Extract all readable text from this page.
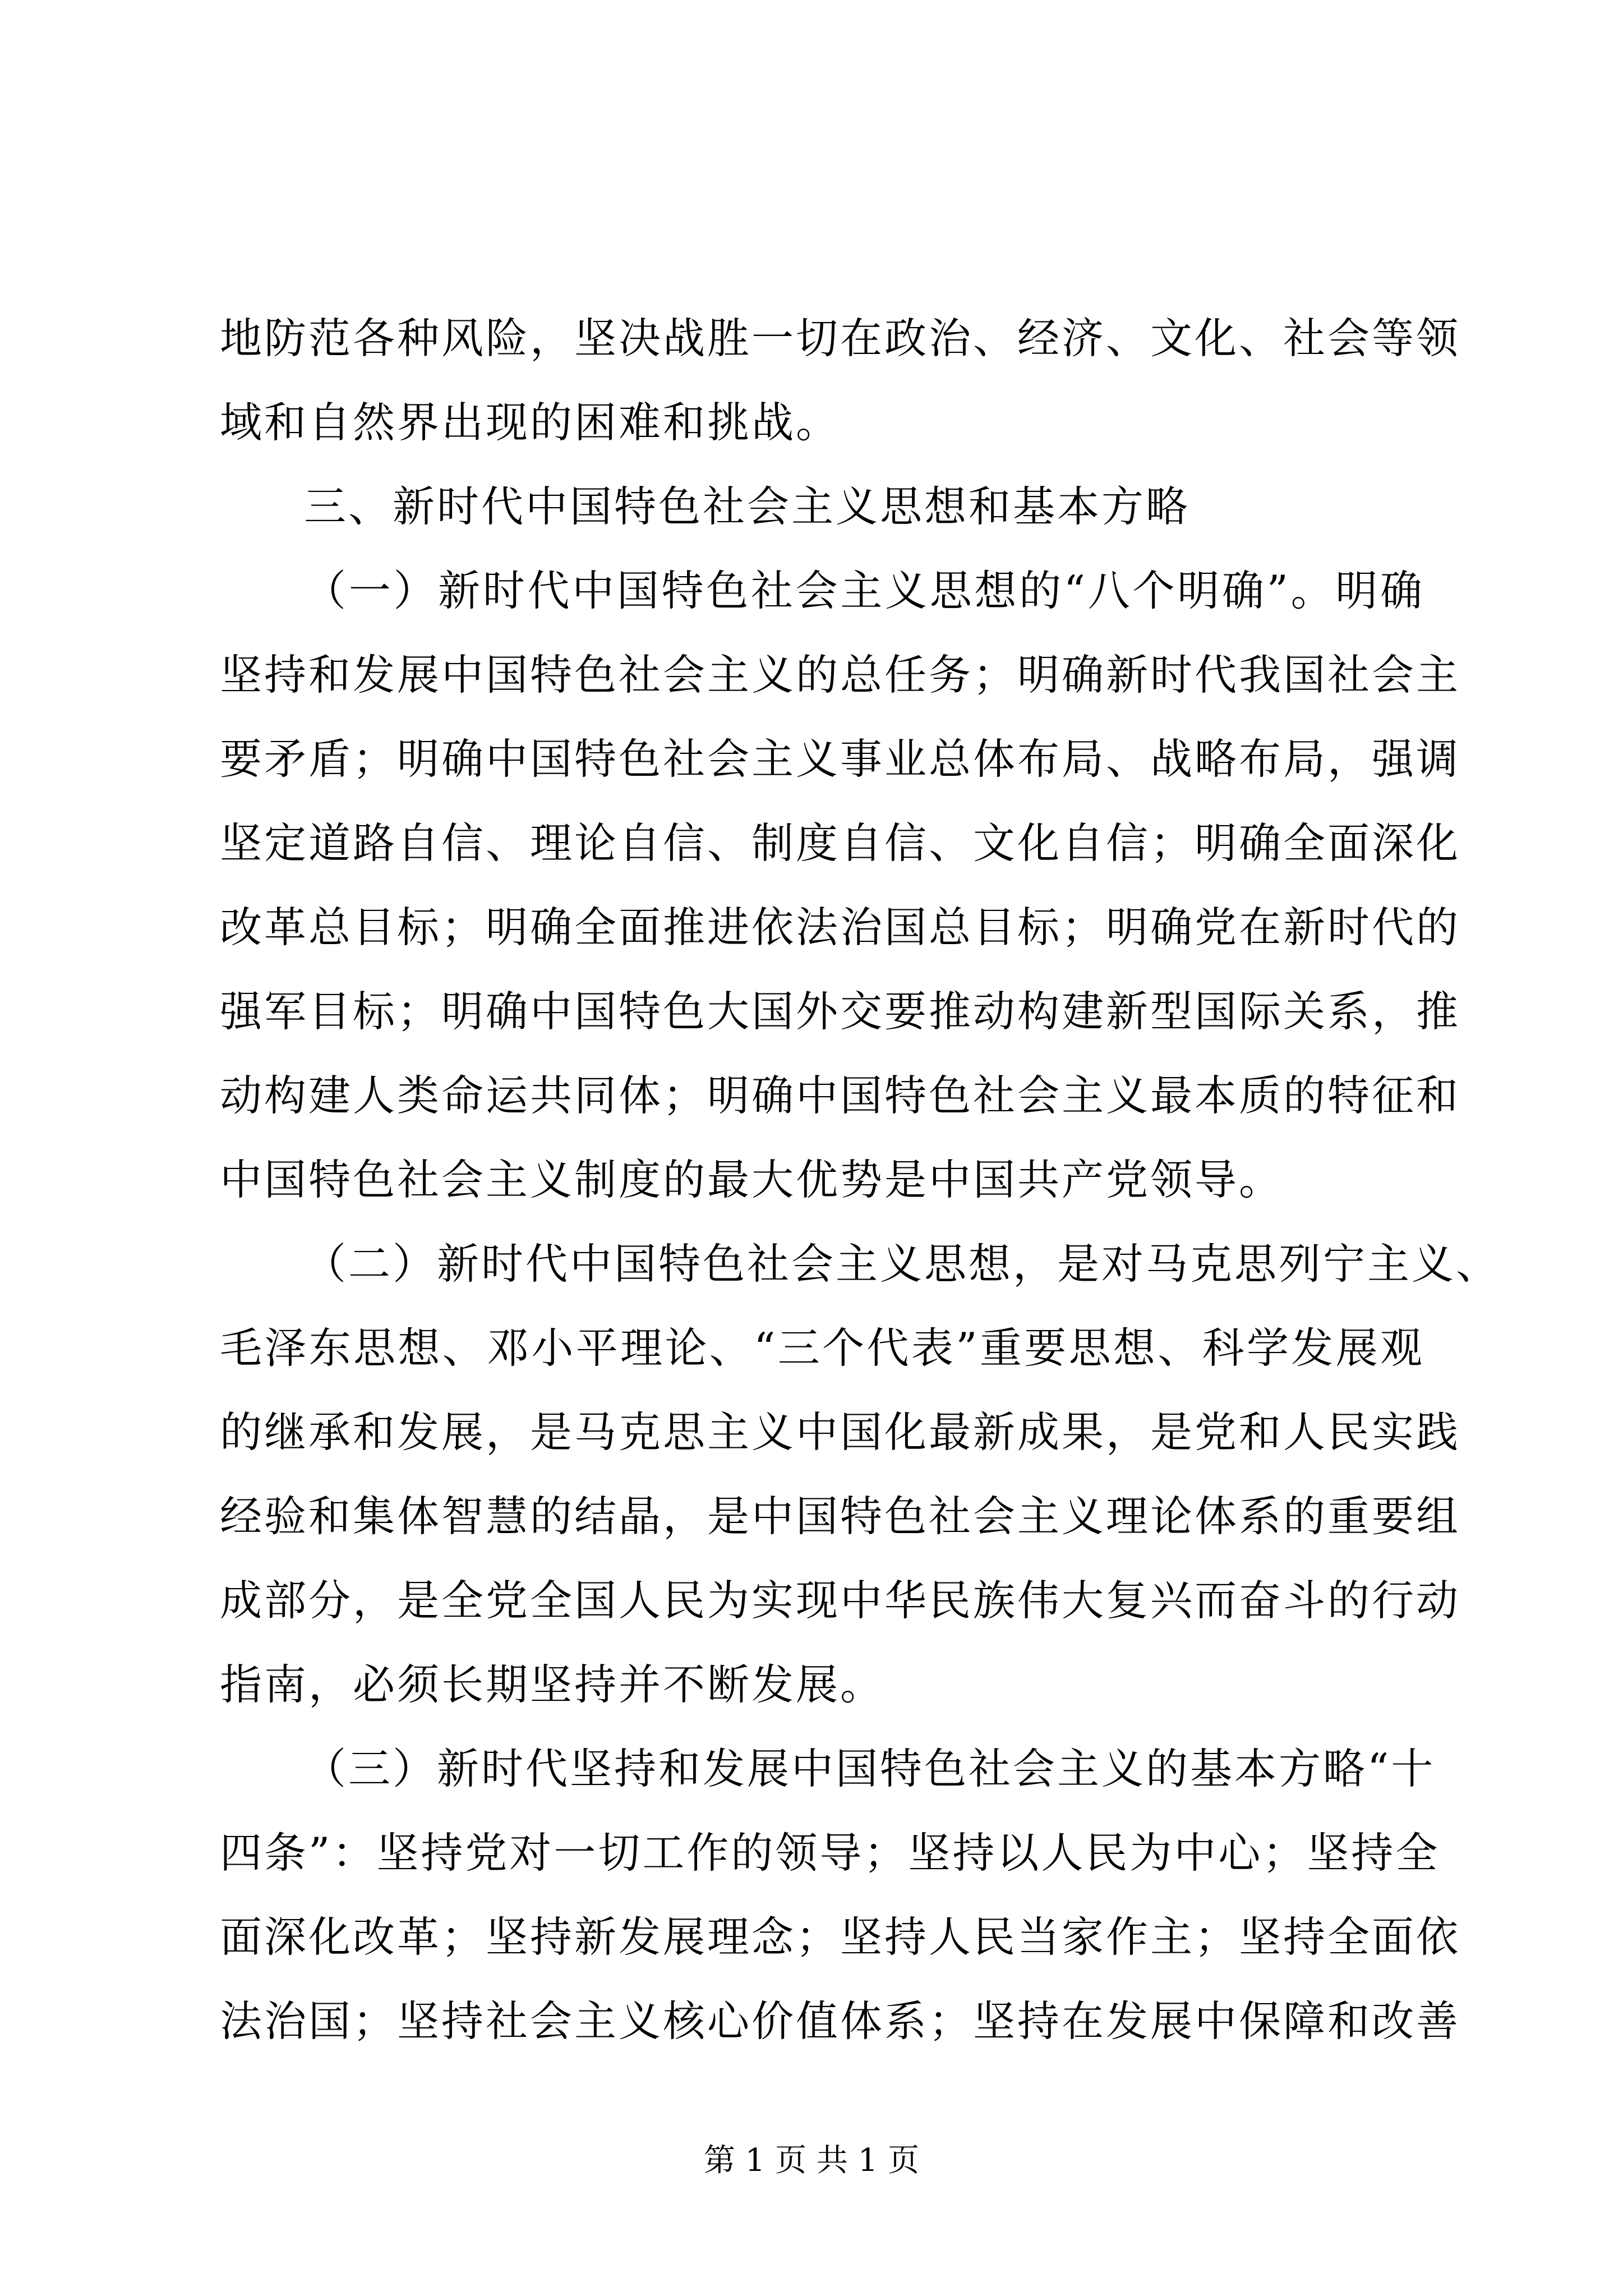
地防范各种风险，坚决战胜一切在政治、经济、文化、社会等领
域和自然界出现的困难和挑战。
三、新时代中国特色社会主义思想和基本方略
（一）新时代中国特色社会主义思想的“八个明确”。明确
坚持和发展中国特色社会主义的总任务；明确新时代我国社会主
要矛盾；明确中国特色社会主义事业总体布局、战略布局，强调
坚定道路自信、理论自信、制度自信、文化自信；明确全面深化
改革总目标；明确全面推进依法治国总目标；明确党在新时代的
强军目标；明确中国特色大国外交要推动构建新型国际关系，推
动构建人类命运共同体；明确中国特色社会主义最本质的特征和
中国特色社会主义制度的最大优势是中国共产党领导。
（二）新时代中国特色社会主义思想，是对马克思列宁主义、
毛泽东思想、邓小平理论、“三个代表”重要思想、科学发展观
的继承和发展，是马克思主义中国化最新成果，是党和人民实践
经验和集体智慧的结晶，是中国特色社会主义理论体系的重要组
成部分，是全党全国人民为实现中华民族伟大复兴而奋斗的行动
指南，必须长期坚持并不断发展。
（三）新时代坚持和发展中国特色社会主义的基本方略“十
四条”：坚持党对一切工作的领导；坚持以人民为中心；坚持全
面深化改革；坚持新发展理念；坚持人民当家作主；坚持全面依
法治国；坚持社会主义核心价值体系；坚持在发展中保障和改善
第 1 页 共 1 页
